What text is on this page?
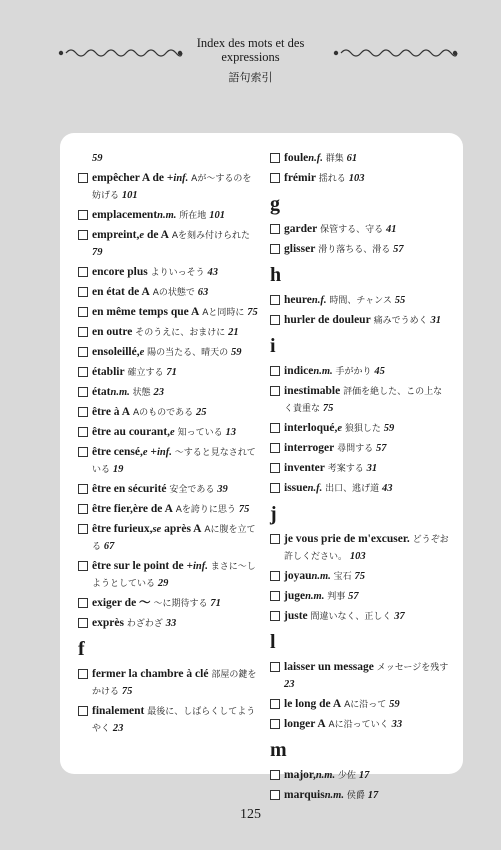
Index des mots et des
expressions
語句索引
59
empêcher A de +inf. Aが～するのを妨げる 101
emplacementn.m. 所在地 101
empreint,e de A Aを刻み付けられた 79
encore plus よりいっそう 43
en état de A Aの状態で 63
en même temps que A Aと同時に 75
en outre そのうえに、おまけに 21
ensoleillé,e 陽の当たる、晴天の 59
établir 確立する 71
étatn.m. 状態 23
être à A Aのものである 25
être au courant,e 知っている 13
être censé,e +inf. ～すると見なされている 19
être en sécurité 安全である 39
être fier,ère de A Aを誇りに思う 75
être furieux,se après A Aに腹を立てる 67
être sur le point de +inf. まさに～しようとしている 29
exiger de ～ ～に期待する 71
exprès わざわざ 33
f
fermer la chambre à clé 部屋の鍵をかける 75
finalement 最後に、しばらくしてようやく 23
foulen.f. 群集 61
frémir 揺れる 103
g
garder 保管する、守る 41
glisser 滑り落ちる、滑る 57
h
heuren.f. 時間、チャンス 55
hurler de douleur 痛みでうめく 31
i
indicen.m. 手がかり 45
inestimable 評価を絶した、この上なく貴重な 75
interloqué,e 狼狽した 59
interroger 尋問する 57
inventer 考案する 31
issuen.f. 出口、逃げ道 43
j
je vous prie de m'excuser. どうぞお許しください。 103
joyaun.m. 宝石 75
jugen.m. 判事 57
juste 間違いなく、正しく 37
l
laisser un message メッセージを残す 23
le long de A Aに沿って 59
longer A Aに沿っていく 33
m
major,n.m. 少佐 17
marquisn.m. 侯爵 17
125
